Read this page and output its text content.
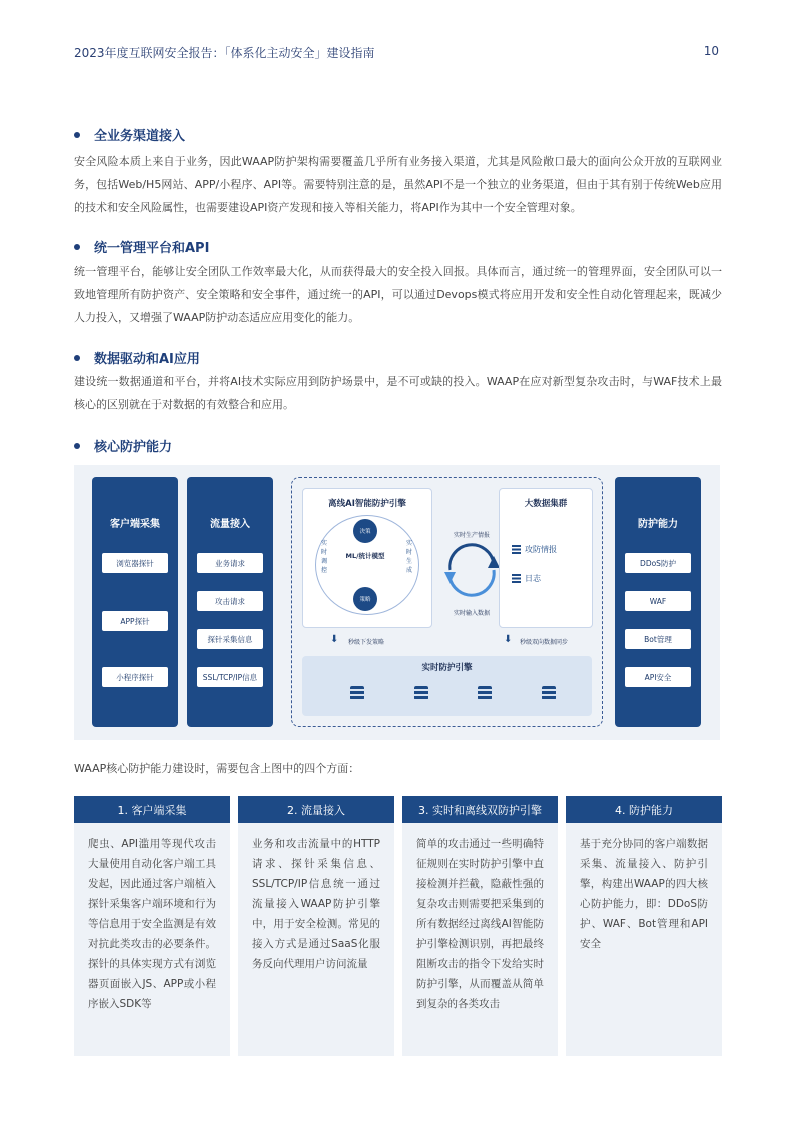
2023年度互联网安全报告：「体系化主动安全」建设指南	10
全业务渠道接入
安全风险本质上来自于业务，因此WAAP防护架构需要覆盖几乎所有业务接入渠道，尤其是风险敞口最大的面向公众开放的互联网业务，包括Web/H5网站、APP/小程序、API等。需要特别注意的是，虽然API不是一个独立的业务渠道，但由于其有别于传统Web应用的技术和安全风险属性，也需要建设API资产发现和接入等相关能力，将API作为其中一个安全管理对象。
统一管理平台和API
统一管理平台，能够让安全团队工作效率最大化，从而获得最大的安全投入回报。具体而言，通过统一的管理界面，安全团队可以一致地管理所有防护资产、安全策略和安全事件，通过统一的API，可以通过Devops模式将应用开发和安全性自动化管理起来，既减少人力投入，又增强了WAAP防护动态适应应用变化的能力。
数据驱动和AI应用
建设统一数据通道和平台，并将AI技术实际应用到防护场景中，是不可或缺的投入。WAAP在应对新型复杂攻击时，与WAF技术上最核心的区别就在于对数据的有效整合和应用。
核心防护能力
客户端采集
浏览器探针
APP探针
小程序探针
流量接入
业务请求
攻击请求
探针采集信息
SSL/TCP/IP信息
离线AI智能防护引擎
决策
策略
ML/统计模型
实时调控
实时生成
实时生产情报
实时输入数据
大数据集群
攻防情报
日志
⬇ 秒级下发策略	⬇ 秒级双向数据同步
实时防护引擎
防护能力
DDoS防护
WAF
Bot管理
API安全
WAAP核心防护能力建设时，需要包含上图中的四个方面：
1. 客户端采集
爬虫、API滥用等现代攻击大量使用自动化客户端工具发起，因此通过客户端植入探针采集客户端环境和行为等信息用于安全监测是有效对抗此类攻击的必要条件。探针的具体实现方式有浏览器页面嵌入JS、APP或小程序嵌入SDK等
2. 流量接入
业务和攻击流量中的HTTP请求、探针采集信息、SSL/TCP/IP信息统一通过流量接入WAAP防护引擎中，用于安全检测。常见的接入方式是通过SaaS化服务反向代理用户访问流量
3. 实时和离线双防护引擎
简单的攻击通过一些明确特征规则在实时防护引擎中直接检测并拦截，隐蔽性强的复杂攻击则需要把采集到的所有数据经过离线AI智能防护引擎检测识别，再把最终阻断攻击的指令下发给实时防护引擎，从而覆盖从简单到复杂的各类攻击
4. 防护能力
基于充分协同的客户端数据采集、流量接入、防护引擎，构建出WAAP的四大核心防护能力，即：DDoS防护、WAF、Bot管理和API安全
